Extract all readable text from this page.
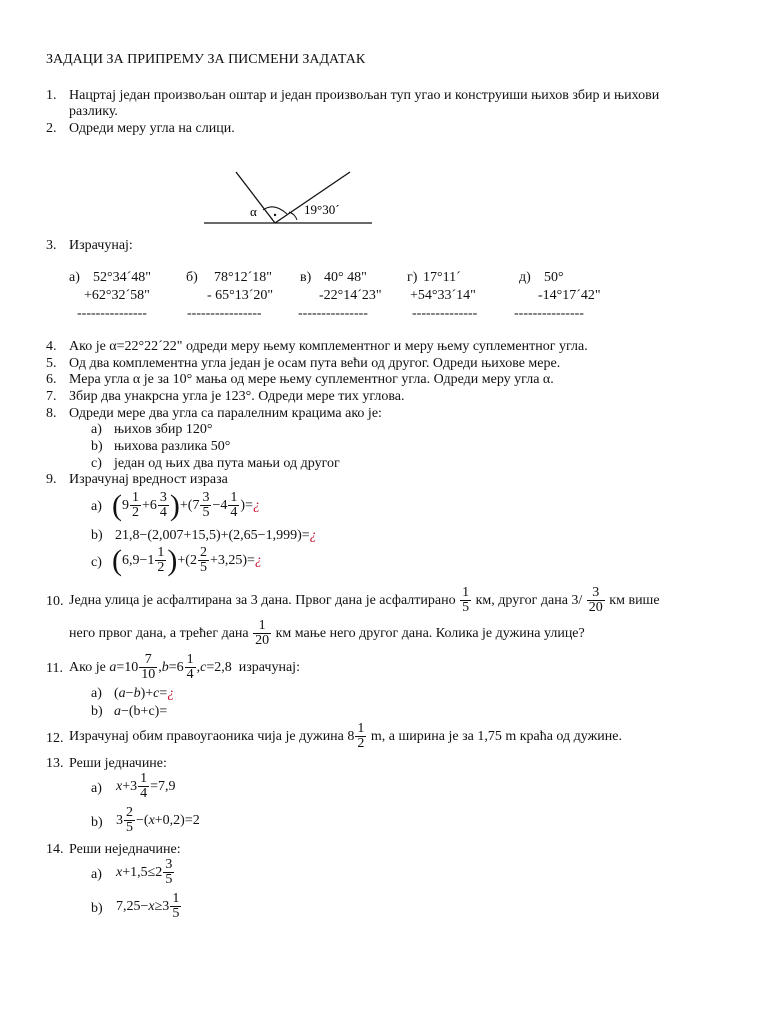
ЗАДАЦИ ЗА ПРИПРЕМУ ЗА ПИСМЕНИ ЗАДАТАК
1. Нацртај један произвољан оштар и један произвољан туп угао и конструиши њихов збир и њихови
разлику.
2. Одреди меру угла на слици.
α	19°30´
3. Израчунај:
а) 52°34´48"
+62°32´58"
---------------
б) 78°12´18"
- 65°13´20"
----------------
в) 40° 48"
-22°14´23"
---------------
г) 17°11´
+54°33´14"
--------------
д) 50°
-14°17´42"
---------------
4. Ако је α=22°22´22" одреди меру њему комплементног и меру њему суплементног угла.
5. Од два комплементна угла један је осам пута већи од другог. Одреди њихове мере.
6. Мера угла α је за 10° мања од мере њему суплементног угла. Одреди меру угла α.
7. Збир два унакрсна угла је 123°. Одреди мере тих углова.
8. Одреди мере два угла са паралелним крацима ако је:
a) њихов збир 120°
b) њихова разлика 50°
c) један од њих два пута мањи од другог
9. Израчунај вредност израза
a) $(9 \frac{1}{2} +6 \frac{3}{4} )+(7 \frac{3}{5} -4 \frac{1}{4}$ )=¿
b) 21,8−(2,007+15,5)+(2,65−1,999)=¿
c) $(6,9-1 \frac{1}{2} )+(2 \frac{2}{5}$ +3,25)=¿
10. Једна улица је асфалтирана за 3 дана. Првог дана је асфалтирано $\frac{1}{5}$ км, другог дана $3/ \frac{3}{20}$ км више
него првог дана, а трећег дана $\frac{1}{20}$ км мање него другог дана. Колика је дужина улице?
11. Ако је $a=10 \frac{7}{10} ,b=6 \frac{1}{4} ,c=2,8$  израчунај:
a) (a−b)+c=¿
b) a−(b+c)=
12. Израчунај обим правоугаоника чија је дужина $8 \frac{1}{2} m$, а ширина је за 1,75 m краћа од дужине.
13. Реши једначине:
a) $x+3 \frac{1}{4} =7,9$
b) $3 \frac{2}{5} -(x+0,2)=2$
14. Реши неједначине:
a) $x+1,5\le 2 \frac{3}{5}$
b) $7,25-x\ge 3 \frac{1}{5}$
